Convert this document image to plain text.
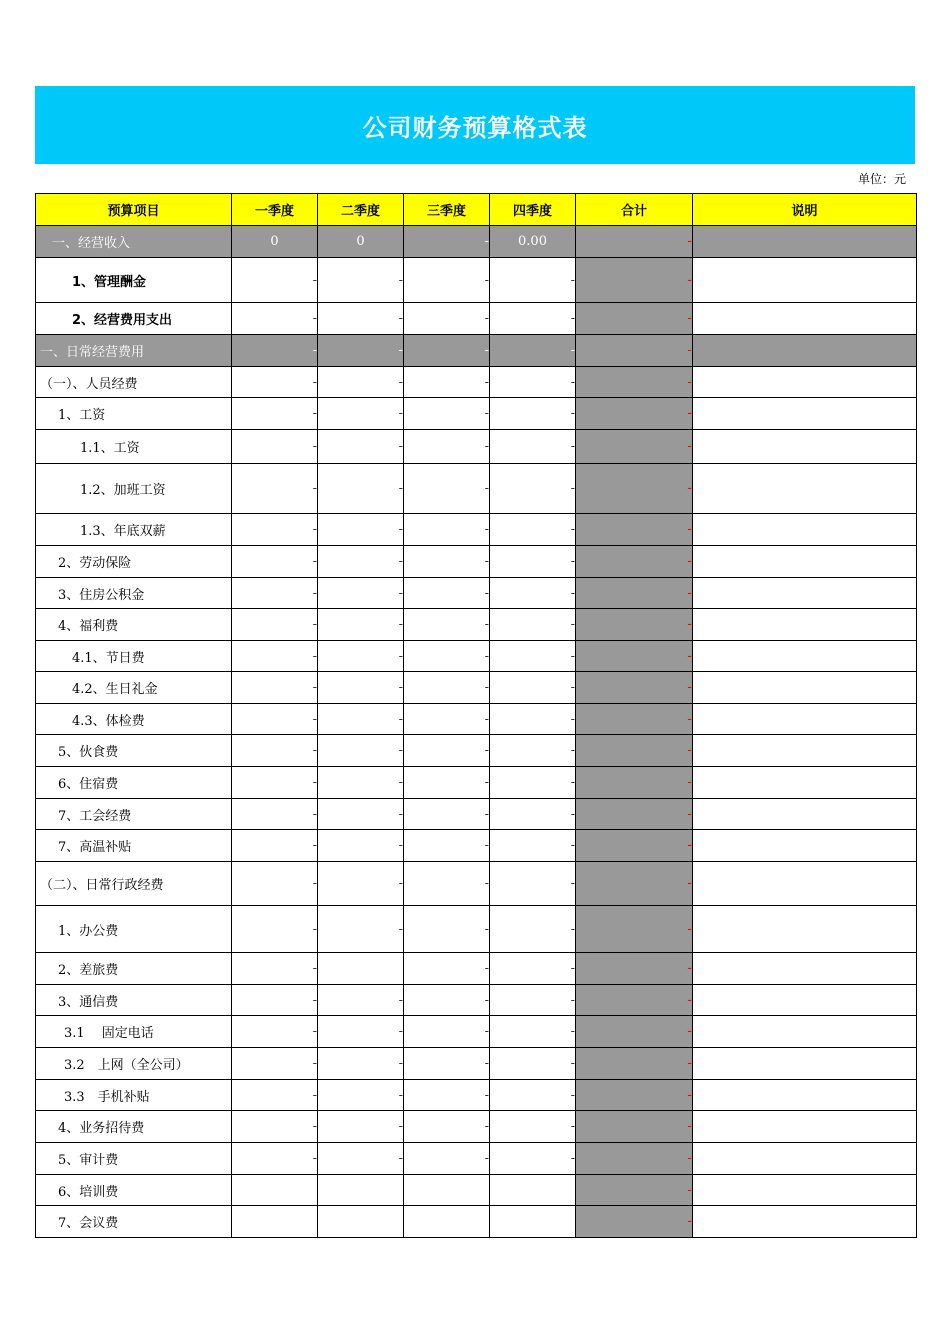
公司财务预算格式表
单位：元
预算项目	一季度	二季度	三季度	四季度	合计	说明
一、经营收入	0	0	-	0.00	-	
1、管理酬金	-	-	-	-	-	
2、经营费用支出	-	-	-	-	-	
一、日常经营费用	-	-	-	-	-	
（一）、人员经费	-	-	-	-	-	
1、工资	-	-	-	-	-	
1.1、工资	-	-	-	-	-	
1.2、加班工资	-	-	-	-	-	
1.3、年底双薪	-	-	-	-	-	
2、劳动保险	-	-	-	-	-	
3、住房公积金	-	-	-	-	-	
4、福利费	-	-	-	-	-	
4.1、节日费	-	-	-	-	-	
4.2、生日礼金	-	-	-	-	-	
4.3、体检费	-	-	-	-	-	
5、伙食费	-	-	-	-	-	
6、住宿费	-	-	-	-	-	
7、工会经费	-	-	-	-	-	
7、高温补贴	-	-	-	-	-	
（二）、日常行政经费	-	-	-	-	-	
1、办公费	-	-	-	-	-	
2、差旅费	-		-	-	-	
3、通信费	-	-	-	-	-	
3.1　 固定电话	-	-	-	-	-	
3.2　上网（全公司）	-	-	-	-	-	
3.3　手机补贴	-	-	-	-	-	
4、业务招待费	-	-	-	-	-	
5、审计费	-	-	-	-	-	
6、培训费					-	
7、会议费					-	
